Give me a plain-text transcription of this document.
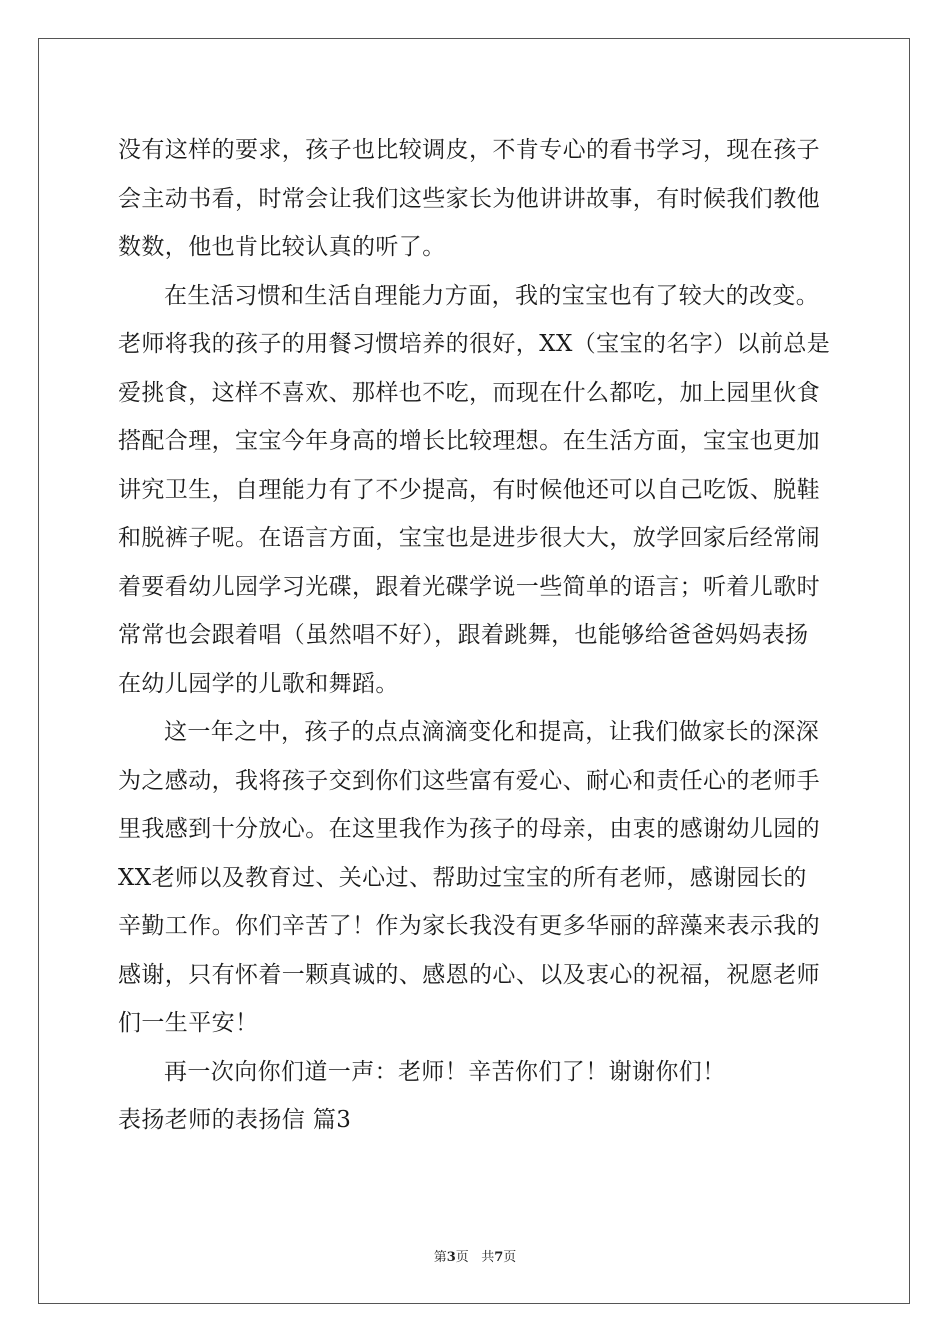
没有这样的要求，孩子也比较调皮，不肯专心的看书学习，现在孩子
会主动书看，时常会让我们这些家长为他讲讲故事，有时候我们教他
数数，他也肯比较认真的听了。

在生活习惯和生活自理能力方面，我的宝宝也有了较大的改变。
老师将我的孩子的用餐习惯培养的很好，XX（宝宝的名字）以前总是
爱挑食，这样不喜欢、那样也不吃，而现在什么都吃，加上园里伙食
搭配合理，宝宝今年身高的增长比较理想。在生活方面，宝宝也更加
讲究卫生，自理能力有了不少提高，有时候他还可以自己吃饭、脱鞋
和脱裤子呢。在语言方面，宝宝也是进步很大大，放学回家后经常闹
着要看幼儿园学习光碟，跟着光碟学说一些简单的语言；听着儿歌时
常常也会跟着唱（虽然唱不好），跟着跳舞，也能够给爸爸妈妈表扬
在幼儿园学的儿歌和舞蹈。

这一年之中，孩子的点点滴滴变化和提高，让我们做家长的深深
为之感动，我将孩子交到你们这些富有爱心、耐心和责任心的老师手
里我感到十分放心。在这里我作为孩子的母亲，由衷的感谢幼儿园的
XX老师以及教育过、关心过、帮助过宝宝的所有老师，感谢园长的
辛勤工作。你们辛苦了！作为家长我没有更多华丽的辞藻来表示我的
感谢，只有怀着一颗真诚的、感恩的心、以及衷心的祝福，祝愿老师
们一生平安！

再一次向你们道一声：老师！辛苦你们了！谢谢你们！

表扬老师的表扬信 篇3

第3页   共7页
